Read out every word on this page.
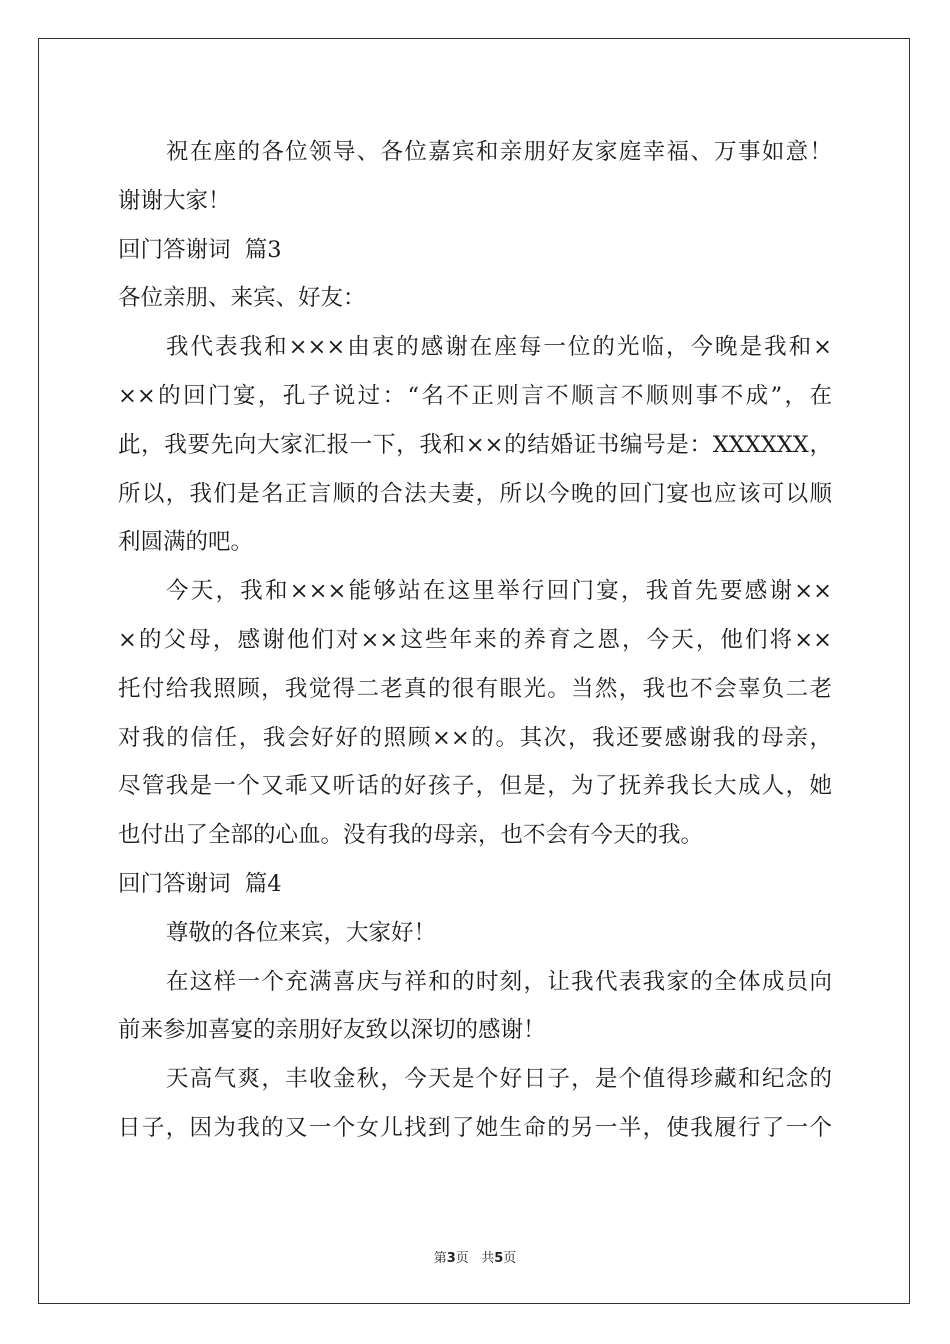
祝在座的各位领导、各位嘉宾和亲朋好友家庭幸福、万事如意！
谢谢大家！
回门答谢词  篇3
各位亲朋、来宾、好友：
我代表我和×××由衷的感谢在座每一位的光临，今晚是我和×
××的回门宴，孔子说过：“名不正则言不顺言不顺则事不成”，在
此，我要先向大家汇报一下，我和××的结婚证书编号是：XXXXXX，
所以，我们是名正言顺的合法夫妻，所以今晚的回门宴也应该可以顺
利圆满的吧。
今天，我和×××能够站在这里举行回门宴，我首先要感谢××
×的父母，感谢他们对××这些年来的养育之恩，今天，他们将××
托付给我照顾，我觉得二老真的很有眼光。当然，我也不会辜负二老
对我的信任，我会好好的照顾××的。其次，我还要感谢我的母亲，
尽管我是一个又乖又听话的好孩子，但是，为了抚养我长大成人，她
也付出了全部的心血。没有我的母亲，也不会有今天的我。
回门答谢词  篇4
尊敬的各位来宾，大家好！
在这样一个充满喜庆与祥和的时刻，让我代表我家的全体成员向
前来参加喜宴的亲朋好友致以深切的感谢！
天高气爽，丰收金秋，今天是个好日子，是个值得珍藏和纪念的
日子，因为我的又一个女儿找到了她生命的另一半，使我履行了一个
第3页 共5页
